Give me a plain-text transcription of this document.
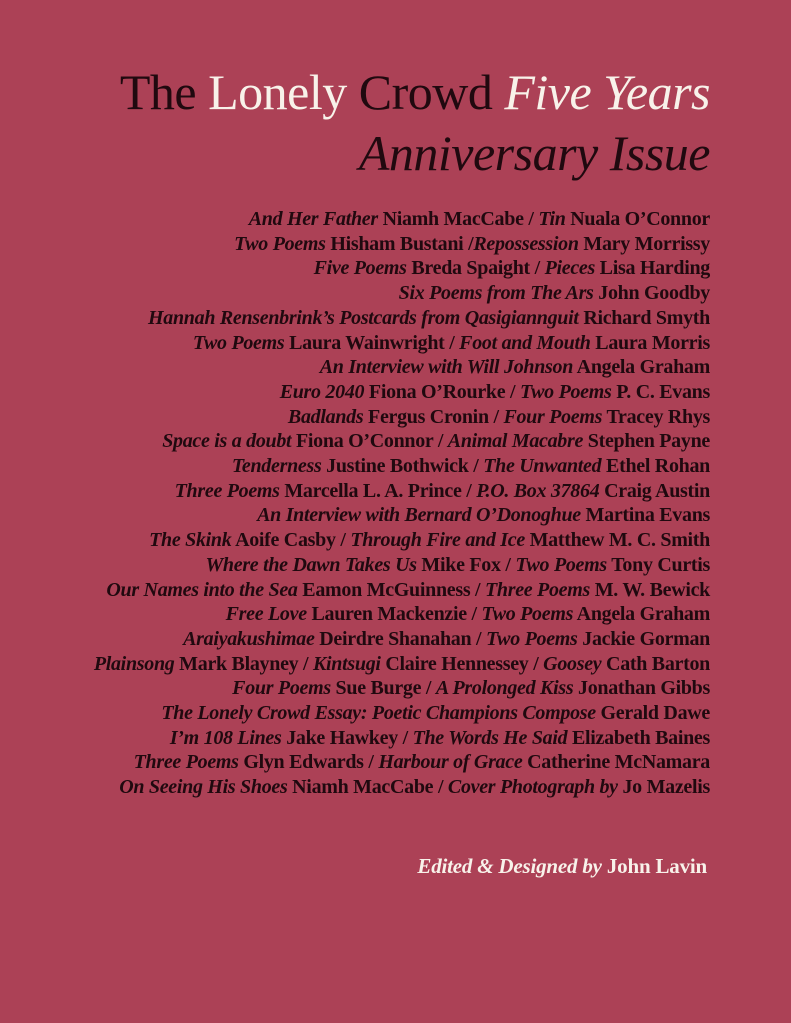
The Lonely Crowd Five Years
Anniversary Issue
And Her Father Niamh MacCabe / Tin Nuala O’Connor
Two Poems Hisham Bustani /Repossession Mary Morrissy
Five Poems Breda Spaight / Pieces Lisa Harding
Six Poems from The Ars John Goodby
Hannah Rensenbrink’s Postcards from Qasigiannguit Richard Smyth
Two Poems Laura Wainwright / Foot and Mouth Laura Morris
An Interview with Will Johnson Angela Graham
Euro 2040 Fiona O’Rourke / Two Poems P. C. Evans
Badlands Fergus Cronin / Four Poems Tracey Rhys
Space is a doubt Fiona O’Connor / Animal Macabre Stephen Payne
Tenderness Justine Bothwick / The Unwanted Ethel Rohan
Three Poems Marcella L. A. Prince / P.O. Box 37864 Craig Austin
An Interview with Bernard O’Donoghue Martina Evans
The Skink Aoife Casby / Through Fire and Ice Matthew M. C. Smith
Where the Dawn Takes Us Mike Fox / Two Poems Tony Curtis
Our Names into the Sea Eamon McGuinness / Three Poems M. W. Bewick
Free Love Lauren Mackenzie / Two Poems Angela Graham
Araiyakushimae Deirdre Shanahan / Two Poems Jackie Gorman
Plainsong Mark Blayney / Kintsugi Claire Hennessey / Goosey Cath Barton
Four Poems Sue Burge / A Prolonged Kiss Jonathan Gibbs
The Lonely Crowd Essay: Poetic Champions Compose Gerald Dawe
I’m 108 Lines Jake Hawkey / The Words He Said Elizabeth Baines
Three Poems Glyn Edwards / Harbour of Grace Catherine McNamara
On Seeing His Shoes Niamh MacCabe / Cover Photograph by Jo Mazelis
Edited & Designed by John Lavin
